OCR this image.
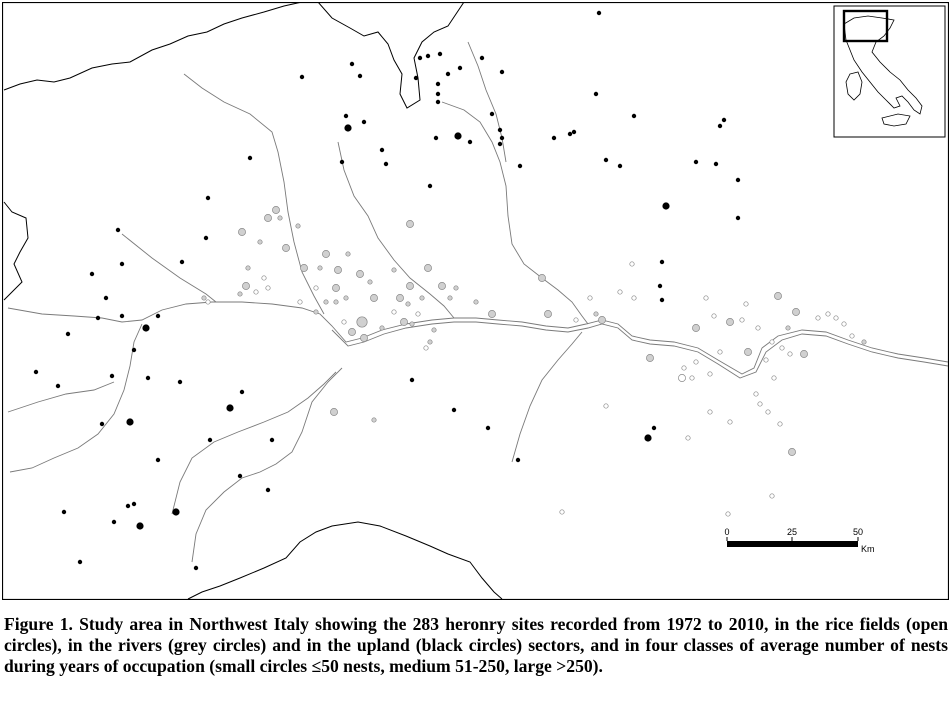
0	25	50
Km

Figure 1. Study area in Northwest Italy showing the 283 heronry sites recorded from 1972 to 2010, in the rice fields (open circles), in the rivers (grey circles) and in the upland (black circles) sectors, and in four classes of average number of nests during years of occupation (small circles ≤50 nests, medium 51-250, large >250).
